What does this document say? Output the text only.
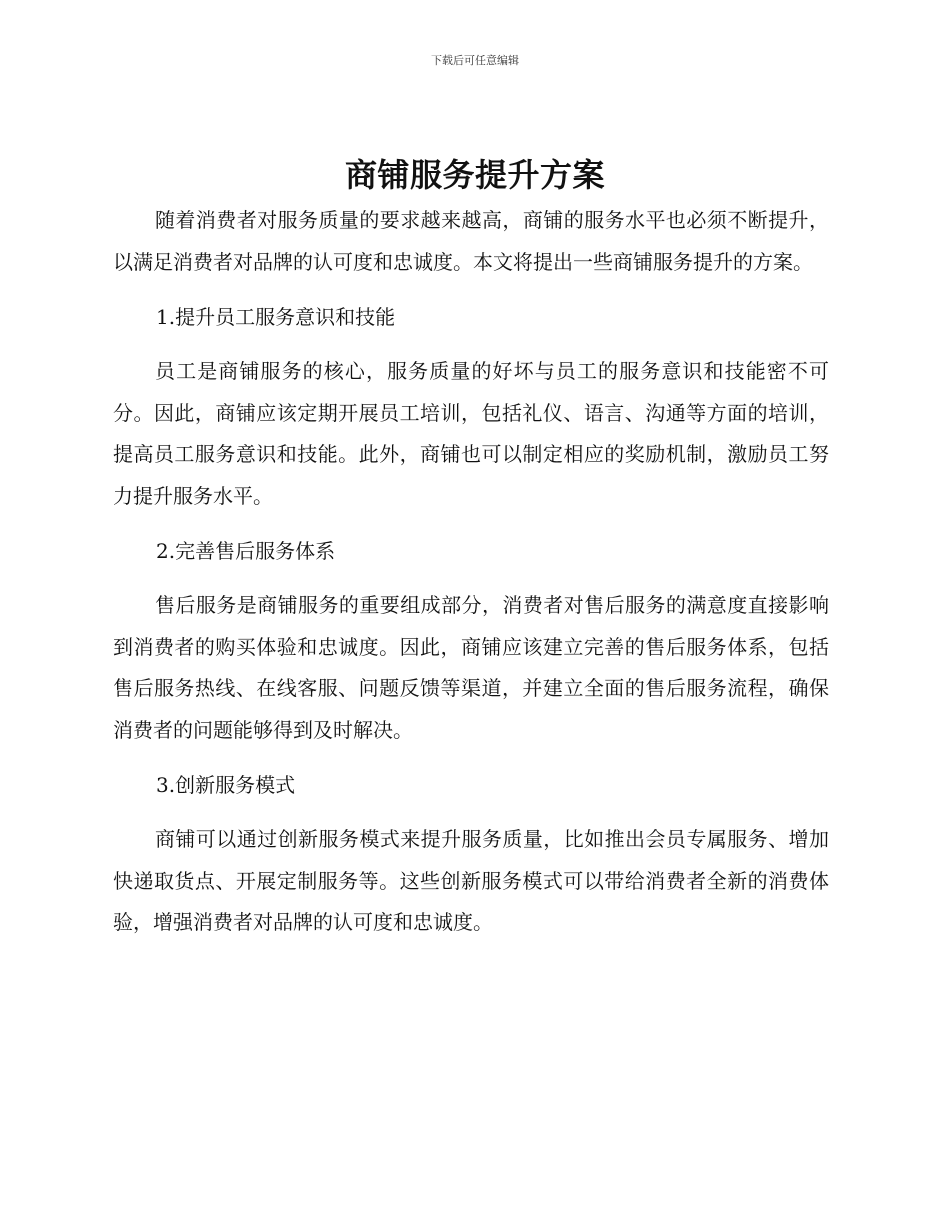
下载后可任意编辑
商铺服务提升方案

随着消费者对服务质量的要求越来越高，商铺的服务水平也必须不断提升，以满足消费者对品牌的认可度和忠诚度。本文将提出一些商铺服务提升的方案。

1.提升员工服务意识和技能

员工是商铺服务的核心，服务质量的好坏与员工的服务意识和技能密不可分。因此，商铺应该定期开展员工培训，包括礼仪、语言、沟通等方面的培训，提高员工服务意识和技能。此外，商铺也可以制定相应的奖励机制，激励员工努力提升服务水平。

2.完善售后服务体系

售后服务是商铺服务的重要组成部分，消费者对售后服务的满意度直接影响到消费者的购买体验和忠诚度。因此，商铺应该建立完善的售后服务体系，包括售后服务热线、在线客服、问题反馈等渠道，并建立全面的售后服务流程，确保消费者的问题能够得到及时解决。

3.创新服务模式

商铺可以通过创新服务模式来提升服务质量，比如推出会员专属服务、增加快递取货点、开展定制服务等。这些创新服务模式可以带给消费者全新的消费体验，增强消费者对品牌的认可度和忠诚度。
